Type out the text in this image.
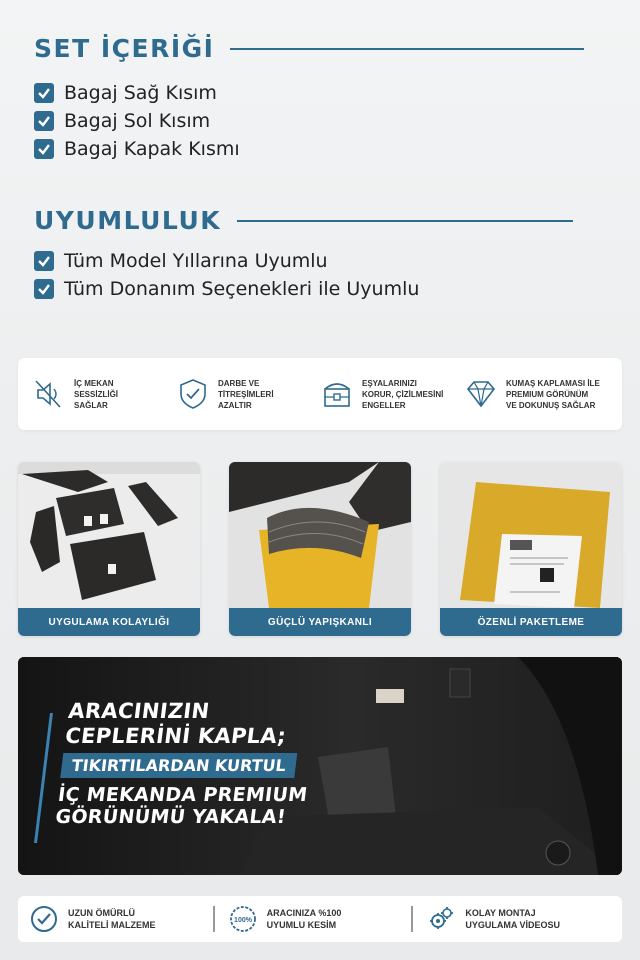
SET İÇERİĞİ
Bagaj Sağ Kısım
Bagaj Sol Kısım
Bagaj Kapak Kısmı
UYUMLULUK
Tüm Model Yıllarına Uyumlu
Tüm Donanım Seçenekleri ile Uyumlu
İÇ MEKAN
SESSİZLİĞİ
SAĞLAR
DARBE VE
TİTREŞİMLERİ
AZALTIR
EŞYALARINIZI
KORUR, ÇİZİLMESİNİ
ENGELLER
KUMAŞ KAPLAMASI İLE
PREMIUM GÖRÜNÜM
VE DOKUNUŞ SAĞLAR
UYGULAMA KOLAYLIĞI	GÜÇLÜ YAPIŞKANLI	ÖZENLİ PAKETLEME
ARACINIZIN
CEPLERİNİ KAPLA;
TIKIRTILARDAN KURTUL
İÇ MEKANDA PREMIUM
GÖRÜNÜMÜ YAKALA!
UZUN ÖMÜRLÜ
KALİTELİ MALZEME	100%
ARACINIZA %100
UYUMLU KESİM
KOLAY MONTAJ
UYGULAMA VİDEOSU
